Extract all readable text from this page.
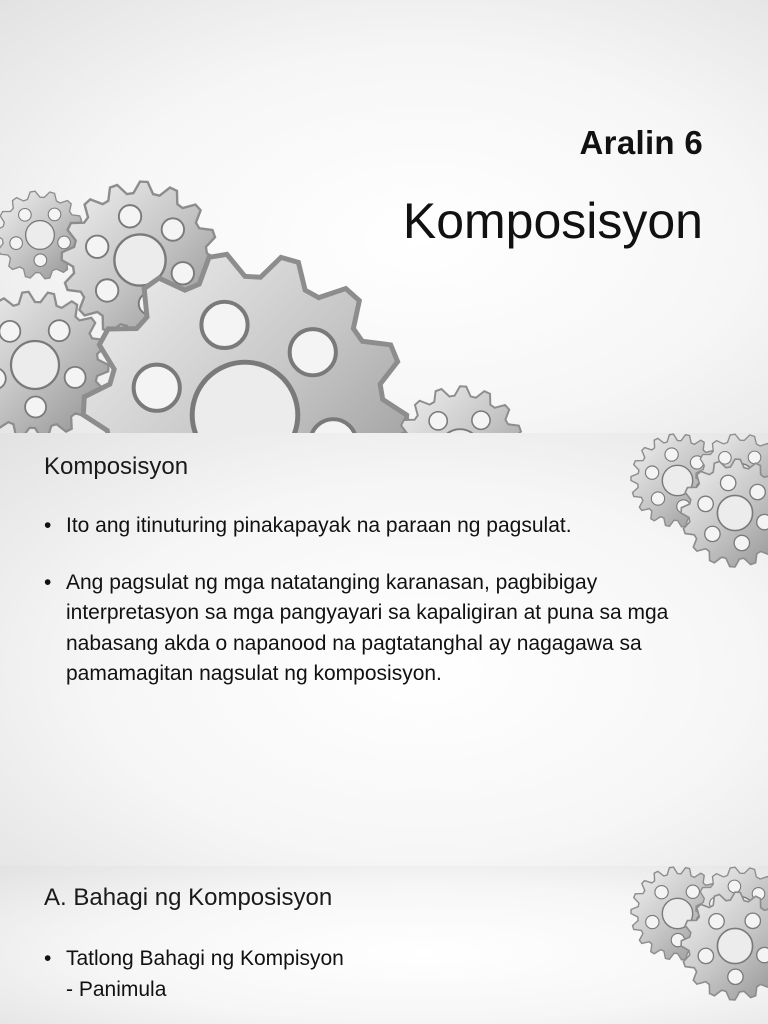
Aralin 6
Komposisyon
Komposisyon
• Ito ang itinuturing pinakapayak na paraan ng pagsulat.
• Ang pagsulat ng mga natatanging karanasan, pagbibigay interpretasyon sa mga pangyayari sa kapaligiran at puna sa mga nabasang akda o napanood na pagtatanghal ay nagagawa sa pamamagitan nagsulat ng komposisyon.
A. Bahagi ng Komposisyon
• Tatlong Bahagi ng Kompisyon
- Panimula
